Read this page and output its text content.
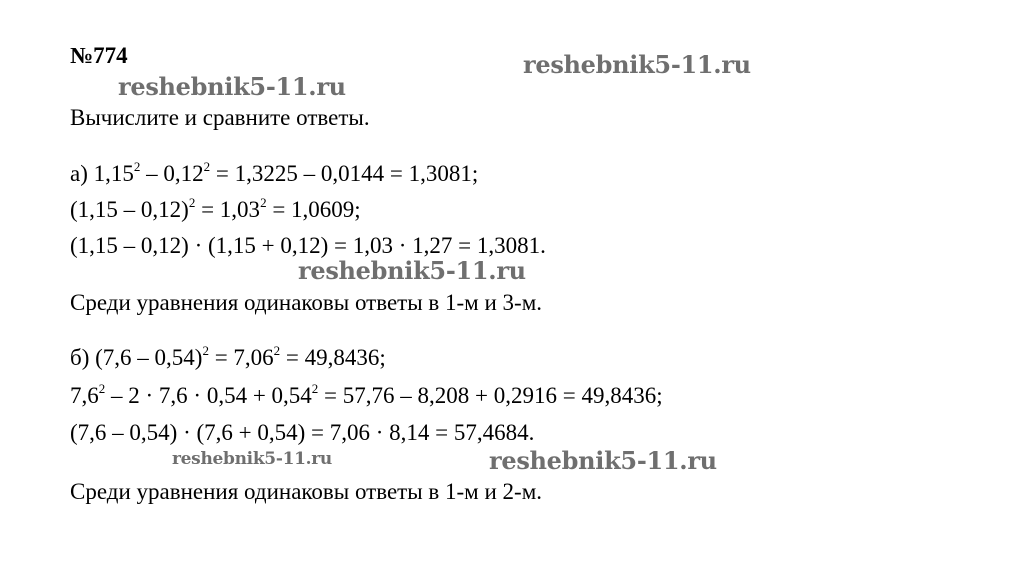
№774
Вычислите и сравните ответы.
а) $1,15^2 - 0,12^2 = 1,3225 - 0,0144 = 1,3081$;
$(1,15 - 0,12)^2 = 1,03^2 = 1,0609$;
(1,15 – 0,12) · (1,15 + 0,12) = 1,03 · 1,27 = 1,3081.
Среди уравнения одинаковы ответы в 1-м и 3-м.
б) $(7,6 - 0,54)^2 = 7,06^2 = 49,8436$;
$7,6^2 - 2 \cdot 7,6 \cdot 0,54 + 0,54^2 = 57,76 - 8,208 + 0,2916 = 49,8436$;
(7,6 – 0,54) · (7,6 + 0,54) = 7,06 · 8,14 = 57,4684.
Среди уравнения одинаковы ответы в 1-м и 2-м.
reshebnik5-11.ru
reshebnik5-11.ru
reshebnik5-11.ru
reshebnik5-11.ru	reshebnik5-11.ru
